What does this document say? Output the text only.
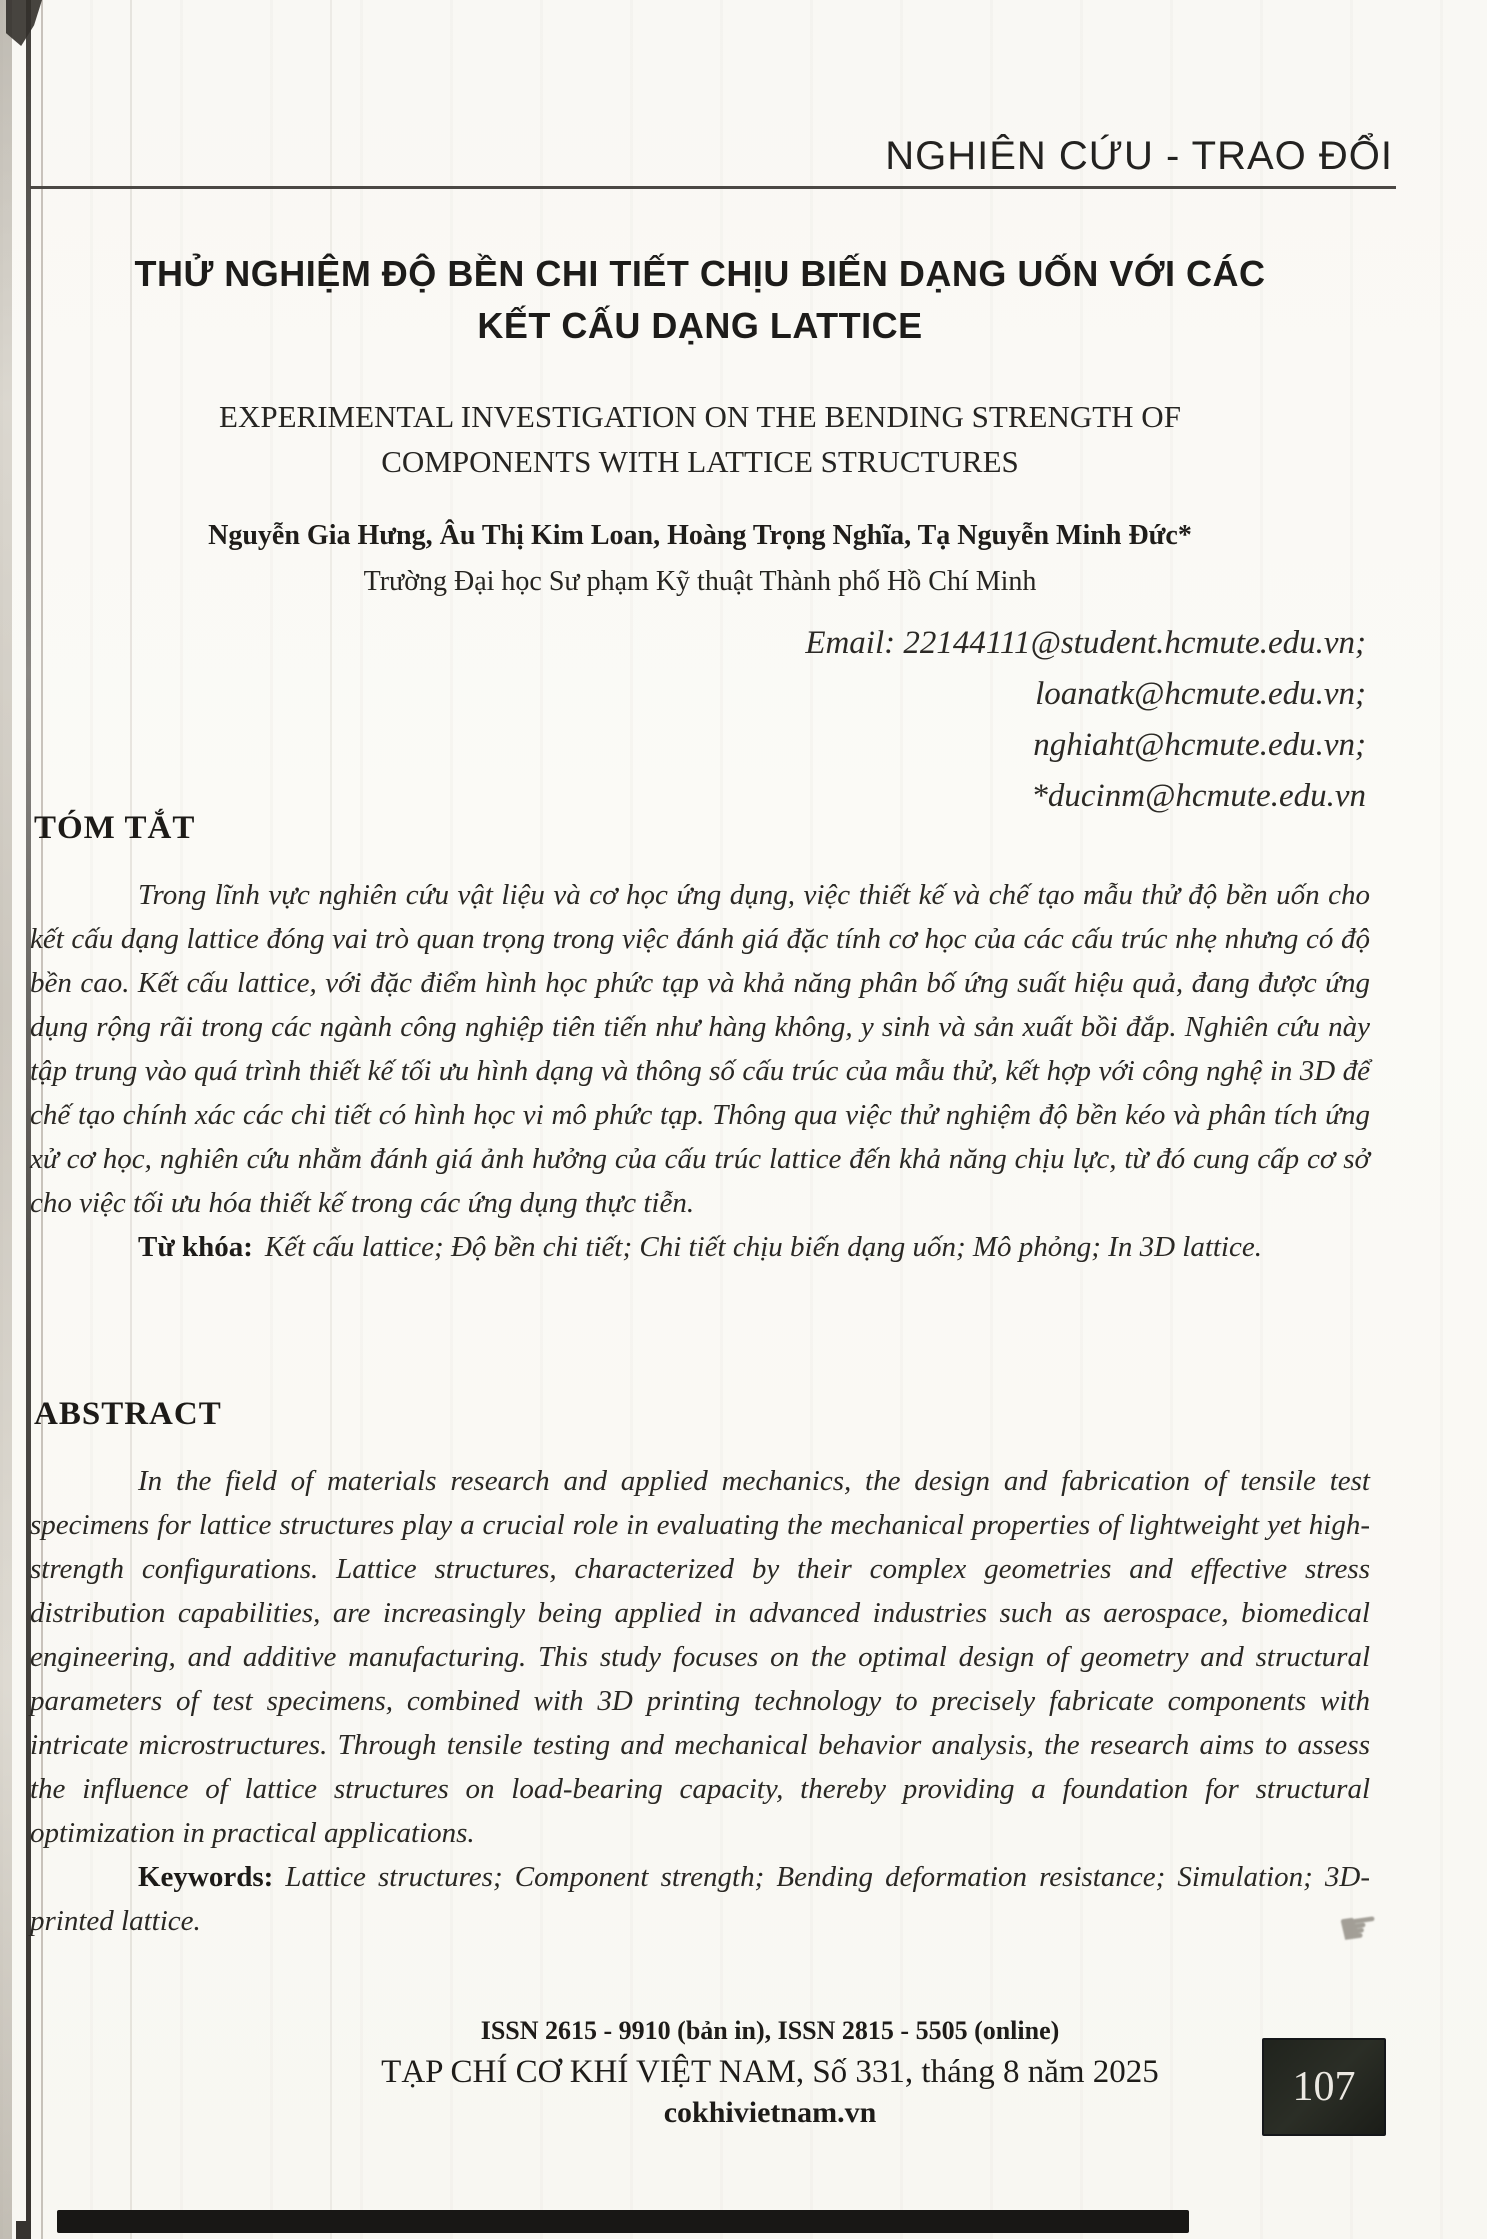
NGHIÊN CỨU - TRAO ĐỔI
THỬ NGHIỆM ĐỘ BỀN CHI TIẾT CHỊU BIẾN DẠNG UỐN VỚI CÁC
KẾT CẤU DẠNG LATTICE
EXPERIMENTAL INVESTIGATION ON THE BENDING STRENGTH OF
COMPONENTS WITH LATTICE STRUCTURES
Nguyễn Gia Hưng, Âu Thị Kim Loan, Hoàng Trọng Nghĩa, Tạ Nguyễn Minh Đức*
Trường Đại học Sư phạm Kỹ thuật Thành phố Hồ Chí Minh
Email: 22144111@student.hcmute.edu.vn;
loanatk@hcmute.edu.vn;
nghiaht@hcmute.edu.vn;
*ducinm@hcmute.edu.vn
TÓM TẮT

Trong lĩnh vực nghiên cứu vật liệu và cơ học ứng dụng, việc thiết kế và chế tạo mẫu thử độ bền uốn cho kết cấu dạng lattice đóng vai trò quan trọng trong việc đánh giá đặc tính cơ học của các cấu trúc nhẹ nhưng có độ bền cao. Kết cấu lattice, với đặc điểm hình học phức tạp và khả năng phân bố ứng suất hiệu quả, đang được ứng dụng rộng rãi trong các ngành công nghiệp tiên tiến như hàng không, y sinh và sản xuất bồi đắp. Nghiên cứu này tập trung vào quá trình thiết kế tối ưu hình dạng và thông số cấu trúc của mẫu thử, kết hợp với công nghệ in 3D để chế tạo chính xác các chi tiết có hình học vi mô phức tạp. Thông qua việc thử nghiệm độ bền kéo và phân tích ứng xử cơ học, nghiên cứu nhằm đánh giá ảnh hưởng của cấu trúc lattice đến khả năng chịu lực, từ đó cung cấp cơ sở cho việc tối ưu hóa thiết kế trong các ứng dụng thực tiễn.

Từ khóa: Kết cấu lattice; Độ bền chi tiết; Chi tiết chịu biến dạng uốn; Mô phỏng; In 3D lattice.

ABSTRACT

In the field of materials research and applied mechanics, the design and fabrication of tensile test specimens for lattice structures play a crucial role in evaluating the mechanical properties of lightweight yet high-strength configurations. Lattice structures, characterized by their complex geometries and effective stress distribution capabilities, are increasingly being applied in advanced industries such as aerospace, biomedical engineering, and additive manufacturing. This study focuses on the optimal design of geometry and structural parameters of test specimens, combined with 3D printing technology to precisely fabricate components with intricate microstructures. Through tensile testing and mechanical behavior analysis, the research aims to assess the influence of lattice structures on load-bearing capacity, thereby providing a foundation for structural optimization in practical applications.

Keywords: Lattice structures; Component strength; Bending deformation resistance; Simulation; 3D-printed lattice.	☛
ISSN 2615 - 9910 (bản in), ISSN 2815 - 5505 (online)
TẠP CHÍ CƠ KHÍ VIỆT NAM, Số 331, tháng 8 năm 2025
cokhivietnam.vn
107
